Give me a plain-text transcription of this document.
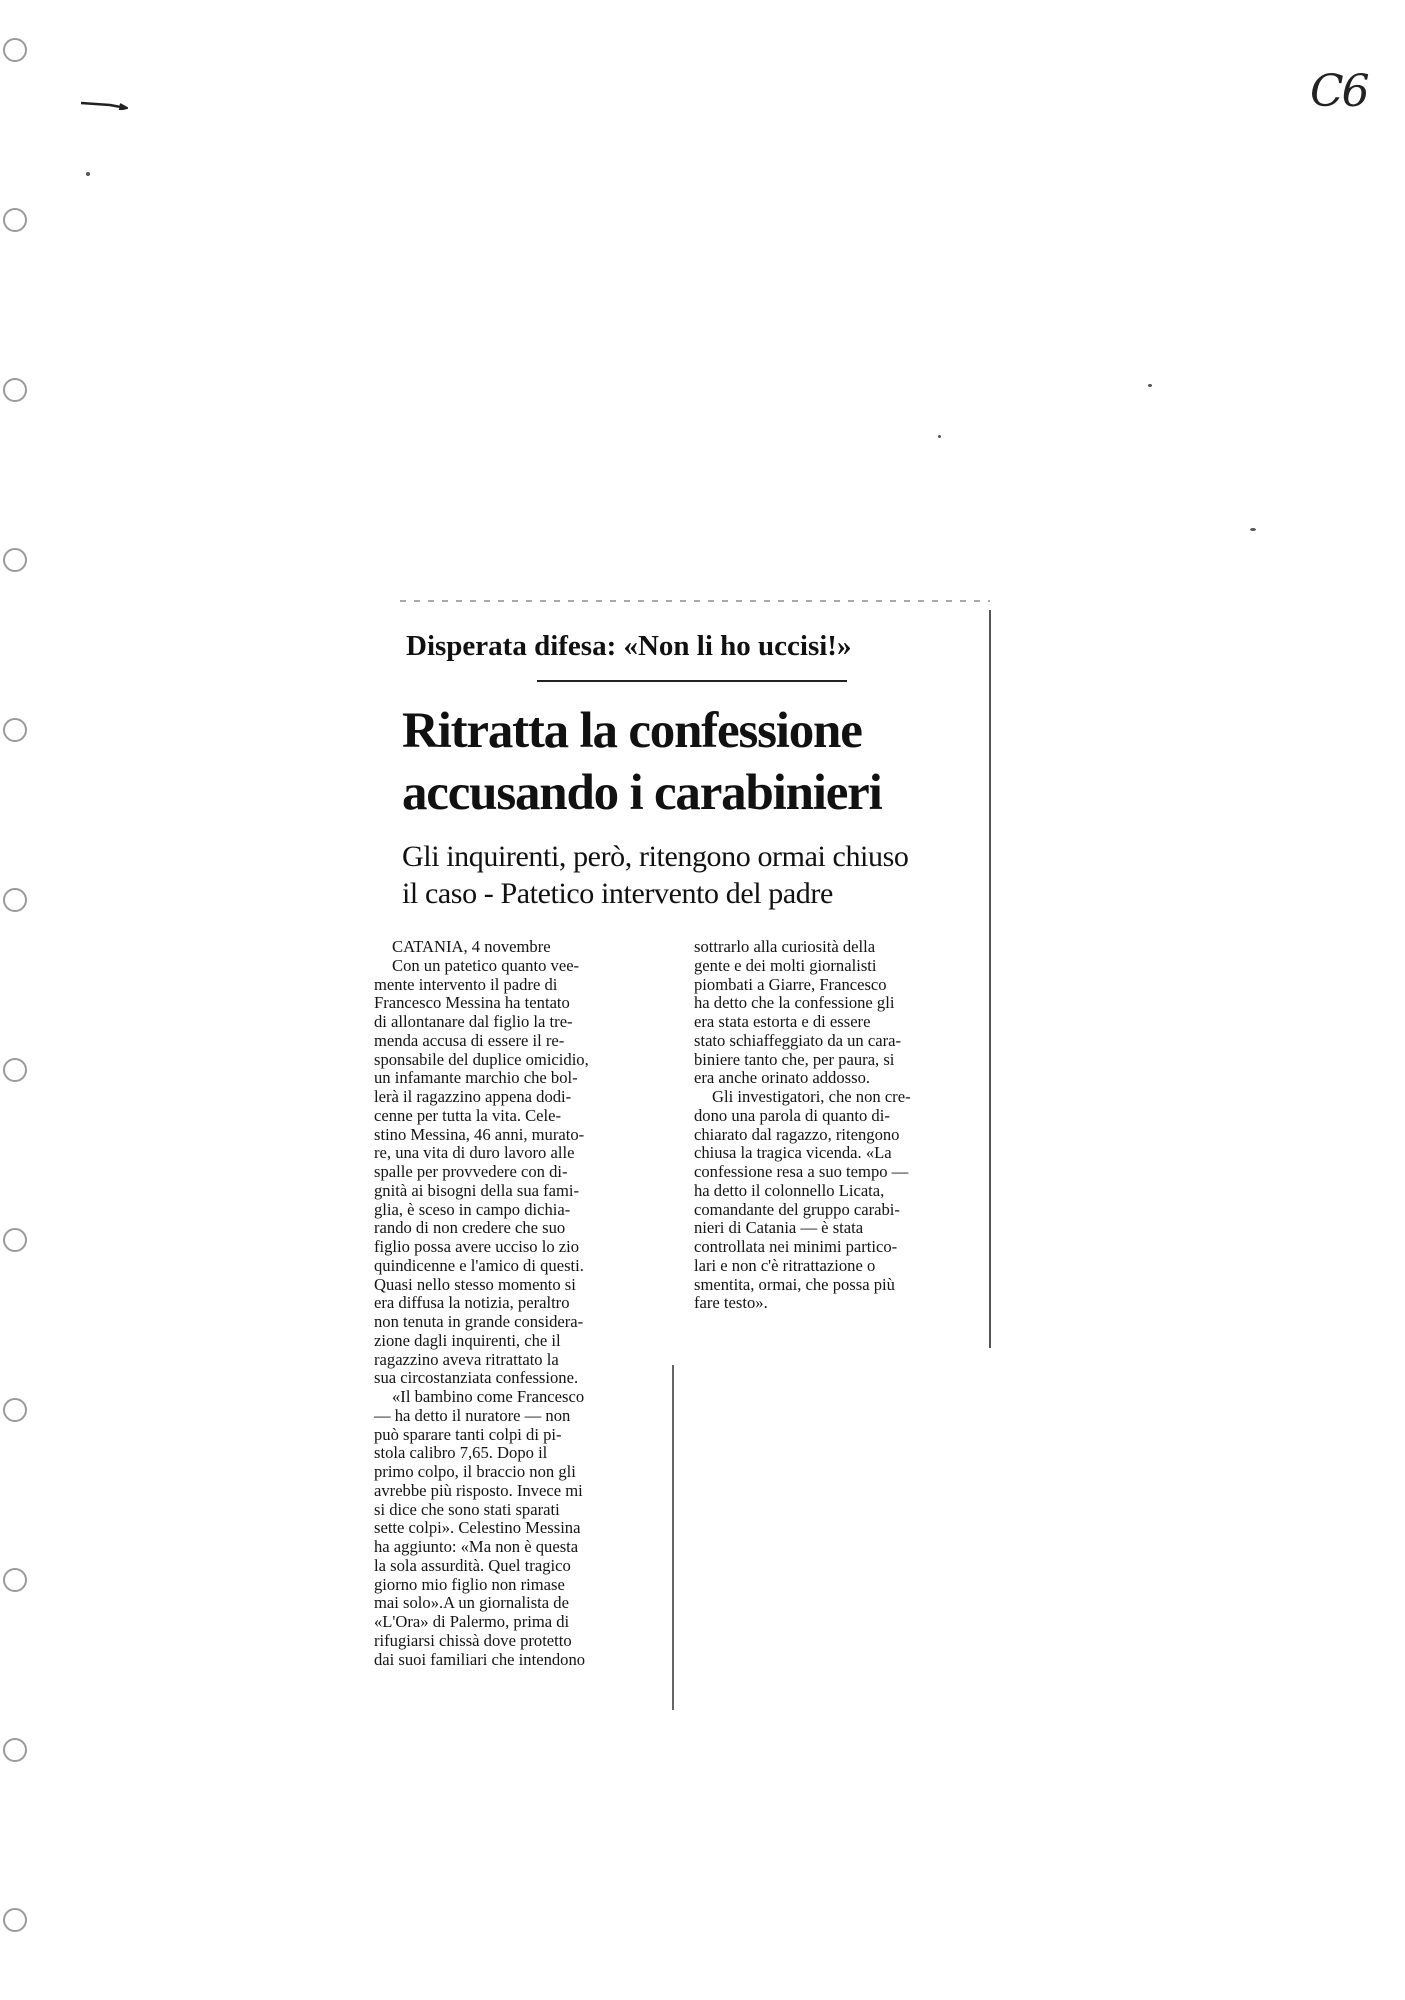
C6
Disperata difesa: «Non li ho uccisi!»
Ritratta la confessione
accusando i carabinieri
Gli inquirenti, però, ritengono ormai chiuso
il caso - Patetico intervento del padre
CATANIA, 4 novembre
Con un patetico quanto vee-
mente intervento il padre di
Francesco Messina ha tentato
di allontanare dal figlio la tre-
menda accusa di essere il re-
sponsabile del duplice omicidio,
un infamante marchio che bol-
lerà il ragazzino appena dodi-
cenne per tutta la vita. Cele-
stino Messina, 46 anni, murato-
re, una vita di duro lavoro alle
spalle per provvedere con di-
gnità ai bisogni della sua fami-
glia, è sceso in campo dichia-
rando di non credere che suo
figlio possa avere ucciso lo zio
quindicenne e l'amico di questi.
Quasi nello stesso momento si
era diffusa la notizia, peraltro
non tenuta in grande considera-
zione dagli inquirenti, che il
ragazzino aveva ritrattato la
sua circostanziata confessione.
«Il bambino come Francesco
— ha detto il nuratore — non
può sparare tanti colpi di pi-
stola calibro 7,65. Dopo il
primo colpo, il braccio non gli
avrebbe più risposto. Invece mi
si dice che sono stati sparati
sette colpi». Celestino Messina
ha aggiunto: «Ma non è questa
la sola assurdità. Quel tragico
giorno mio figlio non rimase
mai solo».A un giornalista de
«L'Ora» di Palermo, prima di
rifugiarsi chissà dove protetto
dai suoi familiari che intendono
sottrarlo alla curiosità della
gente e dei molti giornalisti
piombati a Giarre, Francesco
ha detto che la confessione gli
era stata estorta e di essere
stato schiaffeggiato da un cara-
biniere tanto che, per paura, si
era anche orinato addosso.
Gli investigatori, che non cre-
dono una parola di quanto di-
chiarato dal ragazzo, ritengono
chiusa la tragica vicenda. «La
confessione resa a suo tempo —
ha detto il colonnello Licata,
comandante del gruppo carabi-
nieri di Catania — è stata
controllata nei minimi partico-
lari e non c'è ritrattazione o
smentita, ormai, che possa più
fare testo».
